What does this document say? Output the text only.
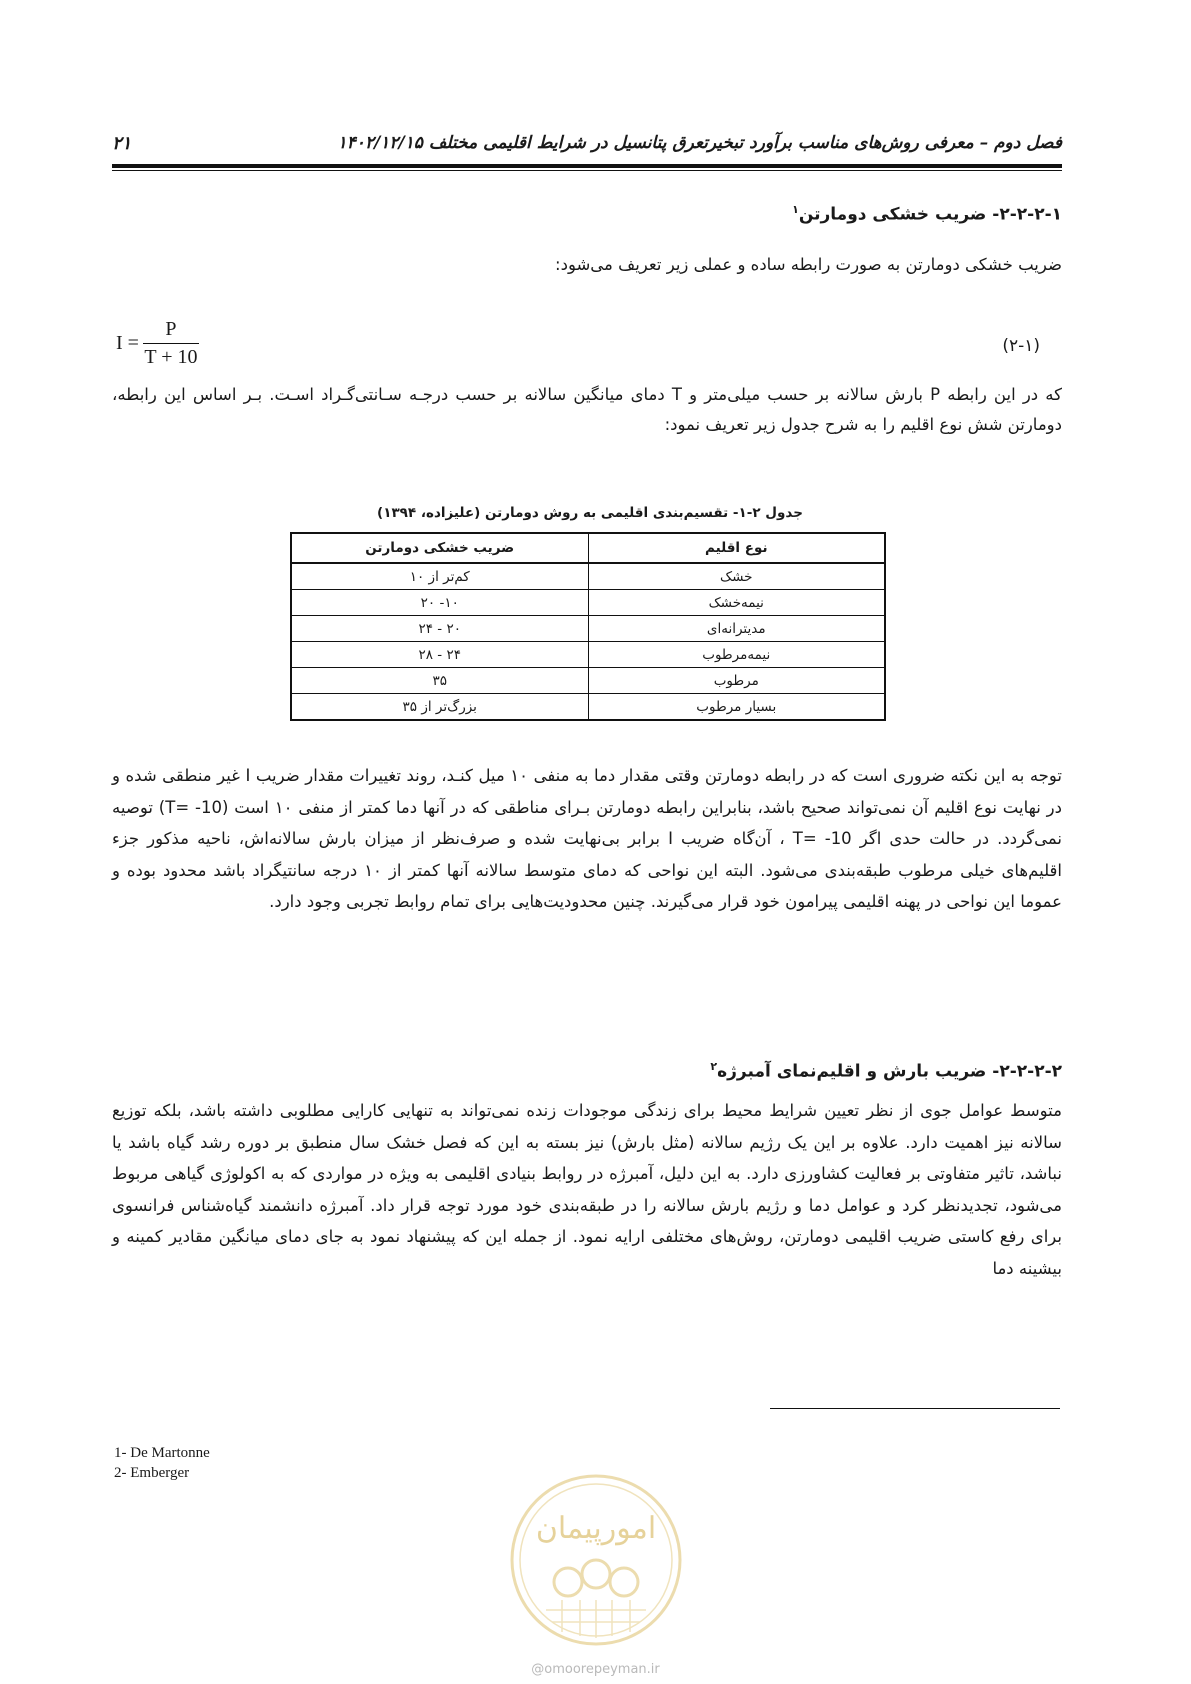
فصل دوم – معرفی روش‌های مناسب برآورد تبخیرتعرق پتانسیل در شرایط اقلیمی مختلف ۱۴۰۲/۱۲/۱۵
۲۱
۲-۲-۲-۱- ضریب خشکی دومارتن$^۱$
ضریب خشکی دومارتن به صورت رابطه ساده و عملی زیر تعریف می‌شود:
$I = \frac{P}{T + 10}$	(۲-۱)
که در این رابطه P بارش سالانه بر حسب میلی‌متر و T دمای میانگین سالانه بر حسب درجـه سـانتی‌گـراد اسـت. بـر اساس این رابطه، دومارتن شش نوع اقلیم را به شرح جدول زیر تعریف نمود:
جدول ۲-۱- تقسیم‌بندی اقلیمی به روش دومارتن (علیزاده، ۱۳۹۴)
نوع اقلیم	ضریب خشکی دومارتن
خشک	کم‌تر از ۱۰
نیمه‌خشک	۱۰- ۲۰
مدیترانه‌ای	۲۰ - ۲۴
نیمه‌مرطوب	۲۴ - ۲۸
مرطوب	۳۵
بسیار مرطوب	بزرگ‌تر از ۳۵
توجه به این نکته ضروری است که در رابطه دومارتن وقتی مقدار دما به منفی ۱۰ میل کنـد، روند تغییرات مقدار ضریب I غیر منطقی شده و در نهایت نوع اقلیم آن نمی‌تواند صحیح باشد، بنابراین رابطه دومارتن بـرای مناطقی که در آنها دما کمتر از منفی ۱۰ است (T= -10) توصیه نمی‌گردد. در حالت حدی اگر T= -10 ، آن‌گاه ضریب I برابر بی‌نهایت شده و صرف‌نظر از میزان بارش سالانه‌اش، ناحیه مذکور جزء اقلیم‌های خیلی مرطوب طبقه‌بندی می‌شود. البته این نواحی که دمای متوسط سالانه آنها کمتر از ۱۰ درجه سانتیگراد باشد محدود بوده و عموما این نواحی در پهنه اقلیمی پیرامون خود قرار می‌گیرند. چنین محدودیت‌هایی برای تمام روابط تجربی وجود دارد.
۲-۲-۲-۲- ضریب بارش و اقلیم‌نمای آمبرژه$^۲$
متوسط عوامل جوی از نظر تعیین شرایط محیط برای زندگی موجودات زنده نمی‌تواند به تنهایی کارایی مطلوبی داشته باشد، بلکه توزیع سالانه نیز اهمیت دارد. علاوه بر این یک رژیم سالانه (مثل بارش) نیز بسته به این که فصل خشک سال منطبق بر دوره رشد گیاه باشد یا نباشد، تاثیر متفاوتی بر فعالیت کشاورزی دارد. به این دلیل، آمبرژه در روابط بنیادی اقلیمی به ویژه در مواردی که به اکولوژی گیاهی مربوط می‌شود، تجدیدنظر کرد و عوامل دما و رژیم بارش سالانه را در طبقه‌بندی خود مورد توجه قرار داد. آمبرژه دانشمند گیاه‌شناس فرانسوی برای رفع کاستی ضریب اقلیمی دومارتن، روش‌های مختلفی ارایه نمود. از جمله این که پیشنهاد نمود به جای دمای میانگین مقادیر کمینه و بیشینه دما
1- De Martonne
2- Emberger
امورپیمان
@omoorepeyman.ir
